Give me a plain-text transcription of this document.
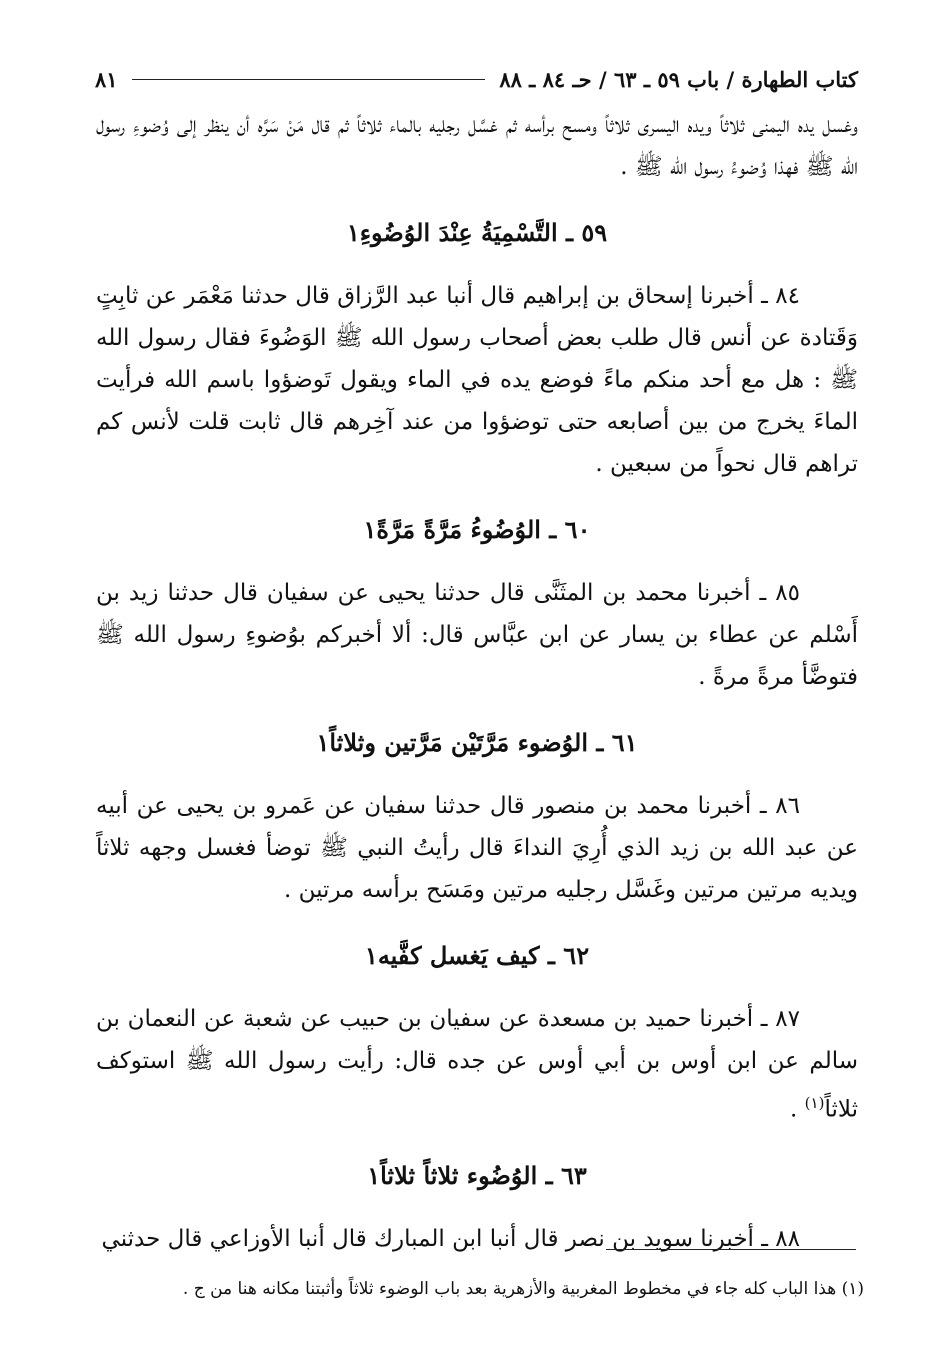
كتاب الطهارة / باب ٥٩ ـ ٦٣ / حـ ٨٤ ـ ٨٨
٨١

وغسل يده اليمنى ثلاثاً ويده اليسرى ثلاثاً ومسح برأسه ثم غسَّل رجليه بالماء ثلاثاً ثم قال مَنْ سَرَّه أن ينظر إلى وُضوءِ رسول الله ﷺ فهذا وُضوءُ رسول الله ﷺ .

٥٩ ـ التَّسْمِيَةُ عِنْدَ الوُضُوءِ١

٨٤ ـ أخبرنا إسحاق بن إبراهيم قال أنبا عبد الرَّزاق قال حدثنا مَعْمَر عن ثابِتٍ وَقَتادة عن أنس قال طلب بعض أصحاب رسول الله ﷺ الوَضُوءَ فقال رسول الله ﷺ : هل مع أحد منكم ماءً فوضع يده في الماء ويقول تَوضؤوا باسم الله فرأيت الماءَ يخرج من بين أصابعه حتى توضؤوا من عند آخِرهم قال ثابت قلت لأنس كم تراهم قال نحواً من سبعين .

٦٠ ـ الوُضُوءُ مَرَّةً مَرَّةً١

٨٥ ـ أخبرنا محمد بن المثَنَّى قال حدثنا يحيى عن سفيان قال حدثنا زيد بن أَسْلم عن عطاء بن يسار عن ابن عبَّاس قال: ألا أخبركم بوُضوءِ رسول الله ﷺ فتوضَّأ مرةً مرةً .

٦١ ـ الوُضوء مَرَّتَيْن مَرَّتين وثلاثاً١

٨٦ ـ أخبرنا محمد بن منصور قال حدثنا سفيان عن عَمرو بن يحيى عن أبيه عن عبد الله بن زيد الذي أُرِيَ النداءَ قال رأيتُ النبي ﷺ توضأ فغسل وجهه ثلاثاً ويديه مرتين مرتين وغَسَّل رجليه مرتين ومَسَح برأسه مرتين .

٦٢ ـ كيف يَغسل كفَّيه١

٨٧ ـ أخبرنا حميد بن مسعدة عن سفيان بن حبيب عن شعبة عن النعمان بن سالم عن ابن أوس بن أبي أوس عن جده قال: رأيت رسول الله ﷺ استوكف ثلاثاً$^{(١)}$ .

٦٣ ـ الوُضُوء ثلاثاً ثلاثاً١

٨٨ ـ أخبرنا سويد بن نصر قال أنبا ابن المبارك قال أنبا الأوزاعي قال حدثني

(١) هذا الباب كله جاء في مخطوط المغربية والأزهرية بعد باب الوضوء ثلاثاً وأثبتنا مكانه هنا من ج .
